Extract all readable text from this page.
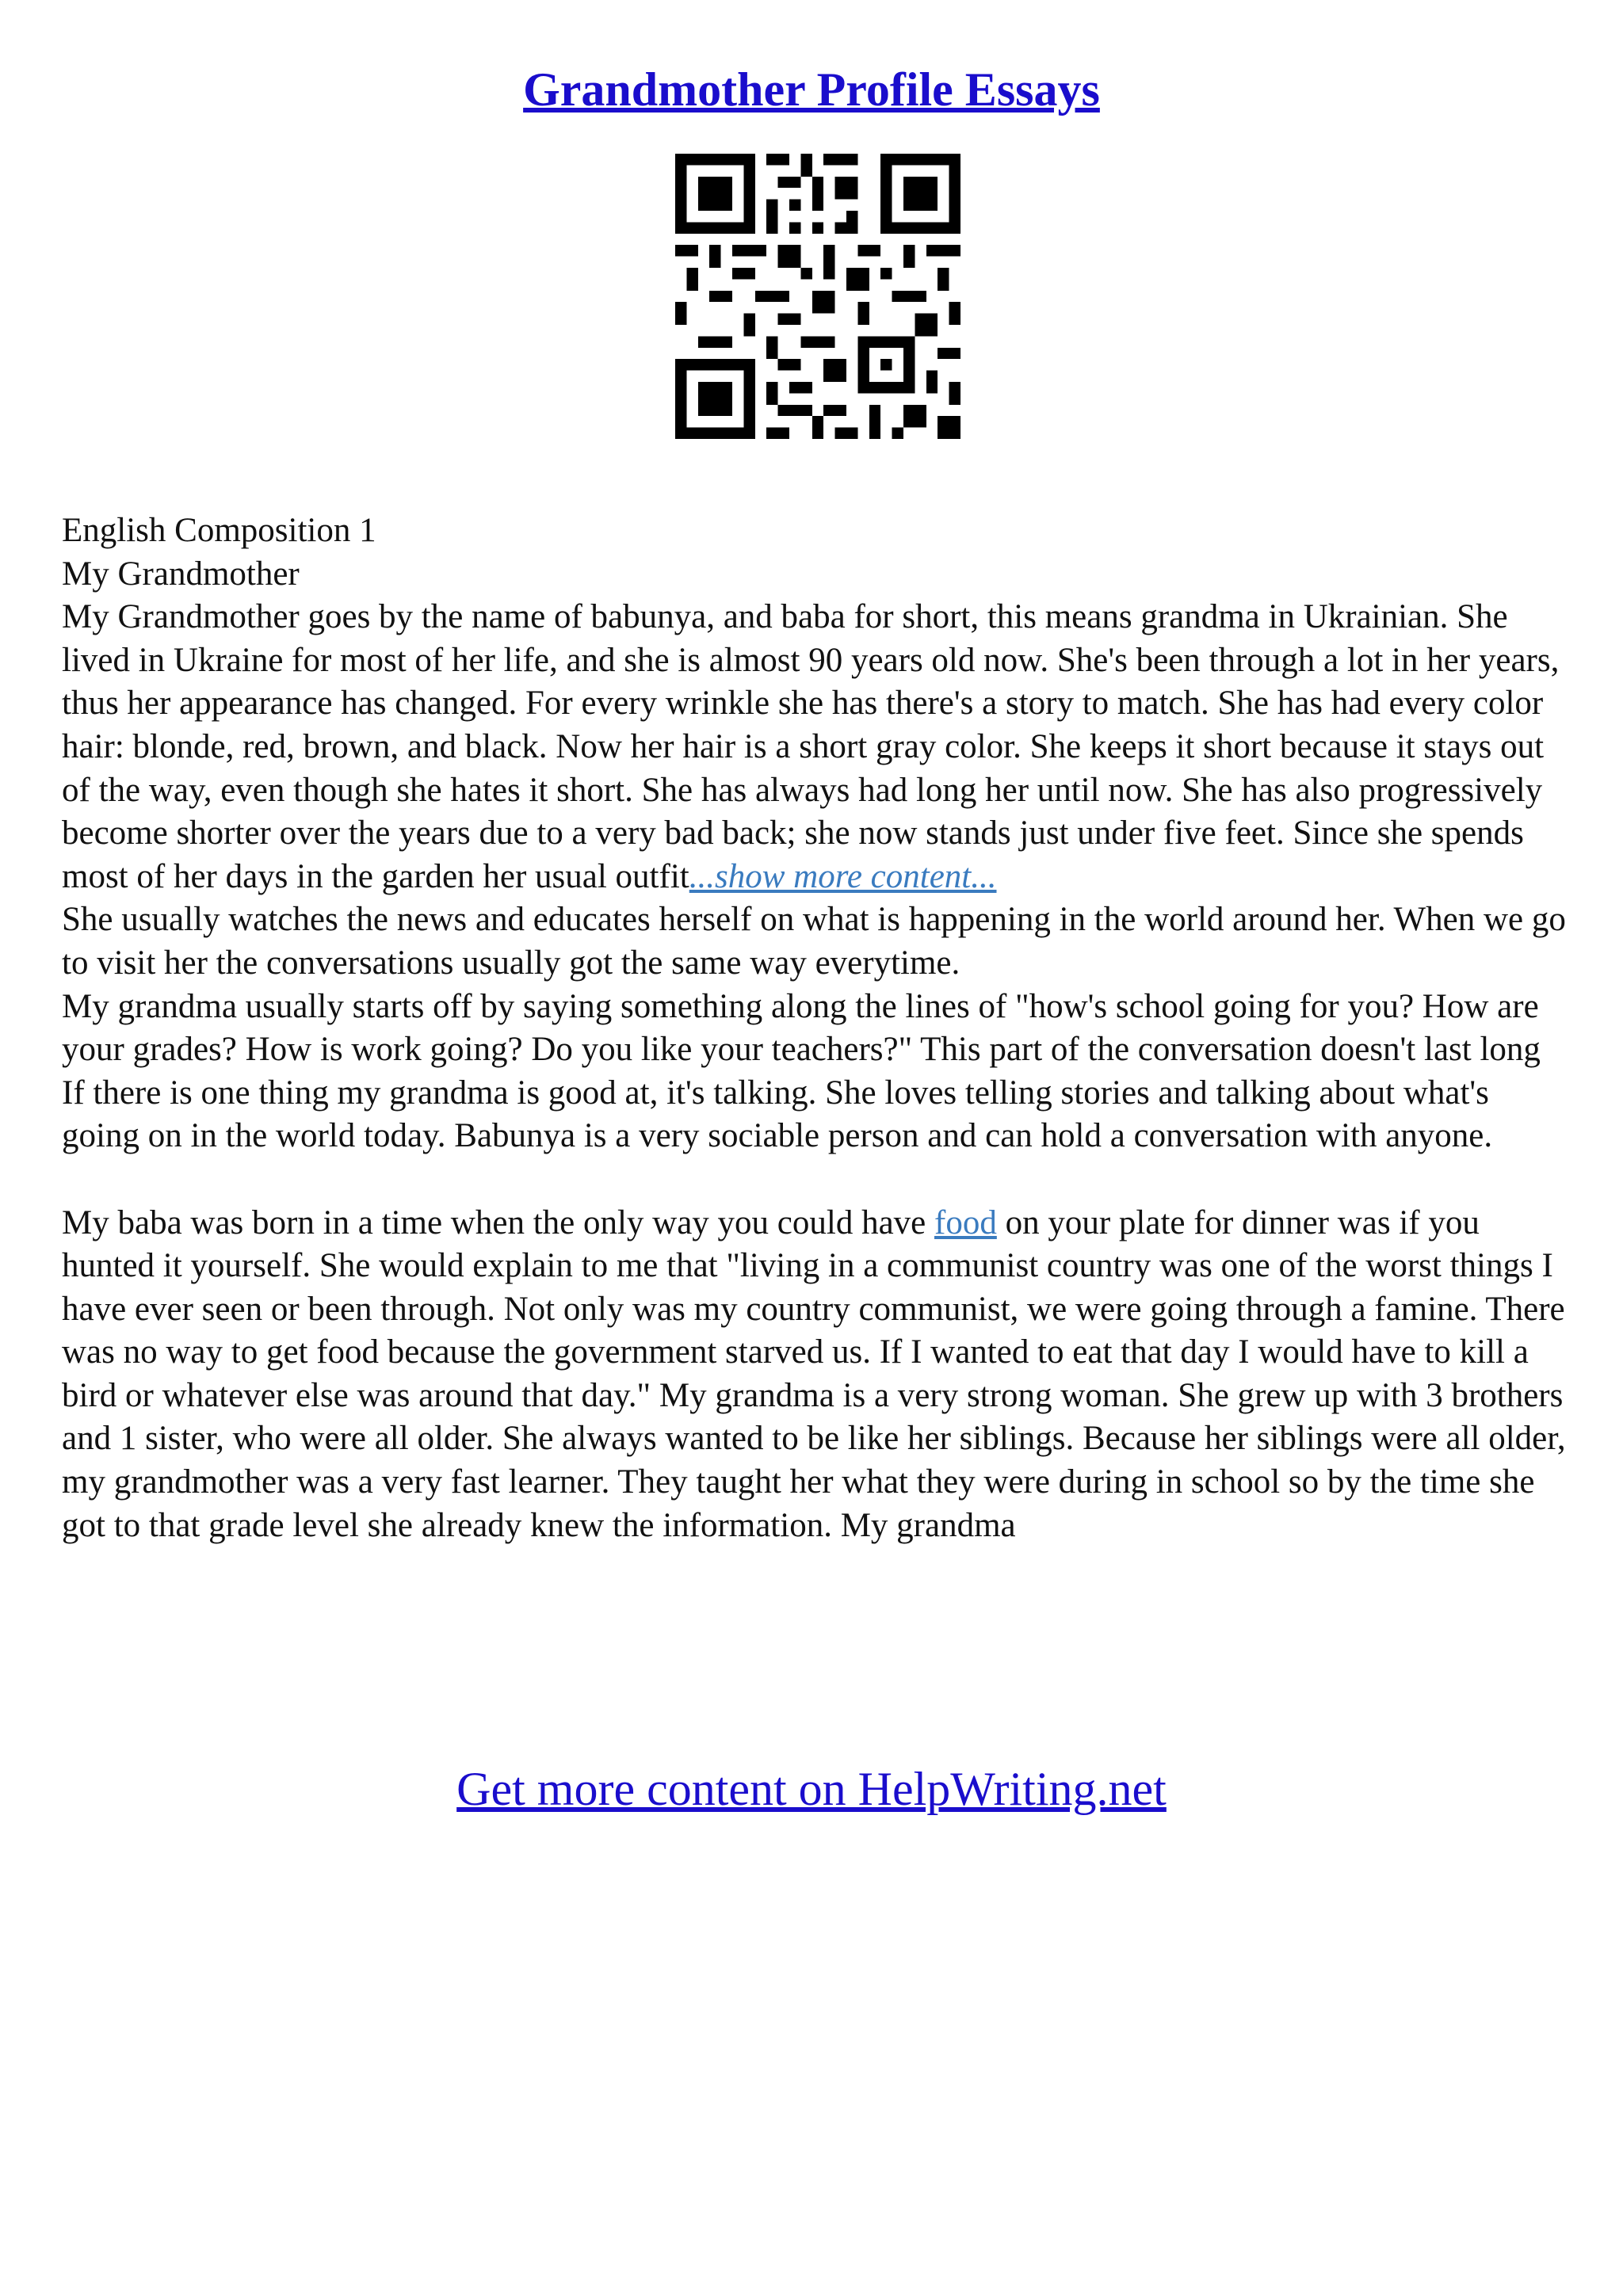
Grandmother Profile Essays

English Composition 1

My Grandmother

My Grandmother goes by the name of babunya, and baba for short, this means grandma in Ukrainian. She lived in Ukraine for most of her life, and she is almost 90 years old now. She's been through a lot in her years, thus her appearance has changed. For every wrinkle she has there's a story to match. She has had every color hair: blonde, red, brown, and black. Now her hair is a short gray color. She keeps it short because it stays out of the way, even though she hates it short. She has always had long her until now. She has also progressively become shorter over the years due to a very bad back; she now stands just under five feet. Since she spends most of her days in the garden her usual outfit...show more content...

She usually watches the news and educates herself on what is happening in the world around her. When we go to visit her the conversations usually got the same way everytime.

My grandma usually starts off by saying something along the lines of "how's school going for you? How are your grades? How is work going? Do you like your teachers?" This part of the conversation doesn't last long

If there is one thing my grandma is good at, it's talking. She loves telling stories and talking about what's going on in the world today. Babunya is a very sociable person and can hold a conversation with anyone.

My baba was born in a time when the only way you could have food on your plate for dinner was if you hunted it yourself. She would explain to me that "living in a communist country was one of the worst things I have ever seen or been through. Not only was my country communist, we were going through a famine. There was no way to get food because the government starved us. If I wanted to eat that day I would have to kill a bird or whatever else was around that day." My grandma is a very strong woman. She grew up with 3 brothers and 1 sister, who were all older. She always wanted to be like her siblings. Because her siblings were all older, my grandmother was a very fast learner. They taught her what they were during in school so by the time she got to that grade level she already knew the information. My grandma

Get more content on HelpWriting.net
